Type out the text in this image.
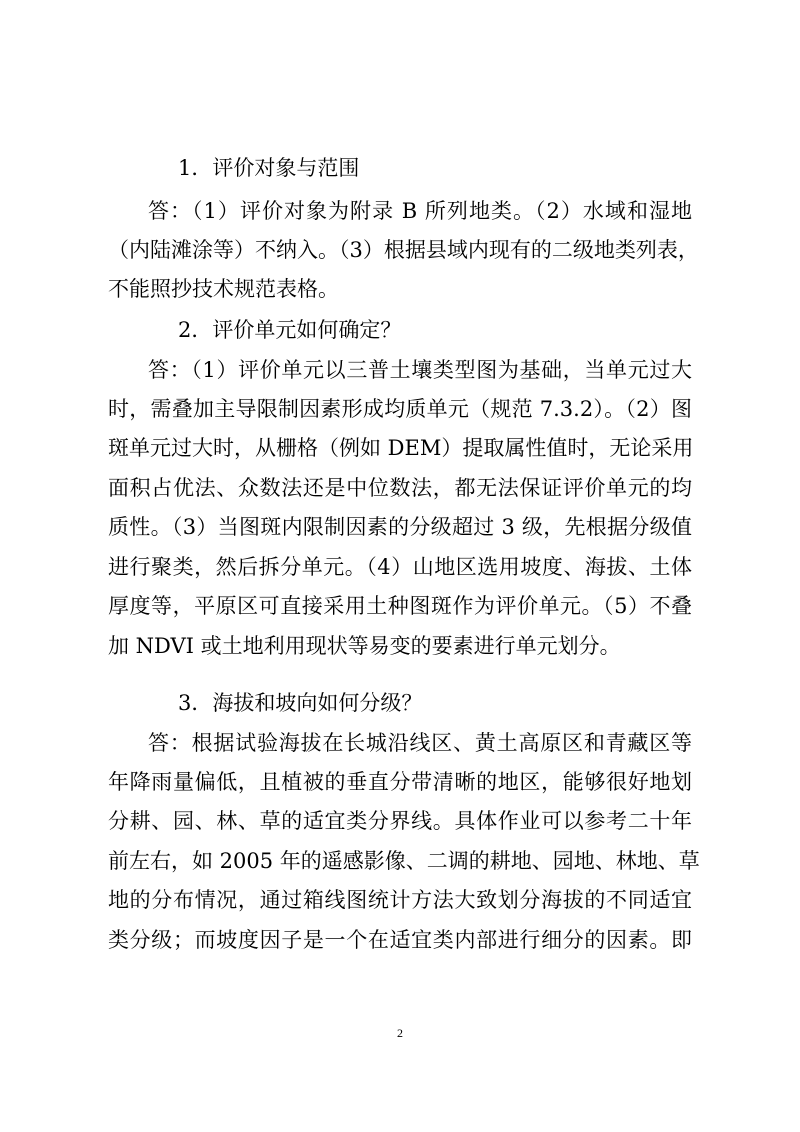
1．评价对象与范围
答：（1）评价对象为附录 B 所列地类。（2）水域和湿地
（内陆滩涂等）不纳入。（3）根据县域内现有的二级地类列表，
不能照抄技术规范表格。
2．评价单元如何确定？
答：（1）评价单元以三普土壤类型图为基础，当单元过大
时，需叠加主导限制因素形成均质单元（规范 7.3.2）。（2）图
斑单元过大时，从栅格（例如 DEM）提取属性值时，无论采用
面积占优法、众数法还是中位数法，都无法保证评价单元的均
质性。（3）当图斑内限制因素的分级超过 3 级，先根据分级值
进行聚类，然后拆分单元。（4）山地区选用坡度、海拔、土体
厚度等，平原区可直接采用土种图斑作为评价单元。（5）不叠
加 NDVI 或土地利用现状等易变的要素进行单元划分。
3．海拔和坡向如何分级？
答：根据试验海拔在长城沿线区、黄土高原区和青藏区等
年降雨量偏低，且植被的垂直分带清晰的地区，能够很好地划
分耕、园、林、草的适宜类分界线。具体作业可以参考二十年
前左右，如 2005 年的遥感影像、二调的耕地、园地、林地、草
地的分布情况，通过箱线图统计方法大致划分海拔的不同适宜
类分级；而坡度因子是一个在适宜类内部进行细分的因素。即
2
